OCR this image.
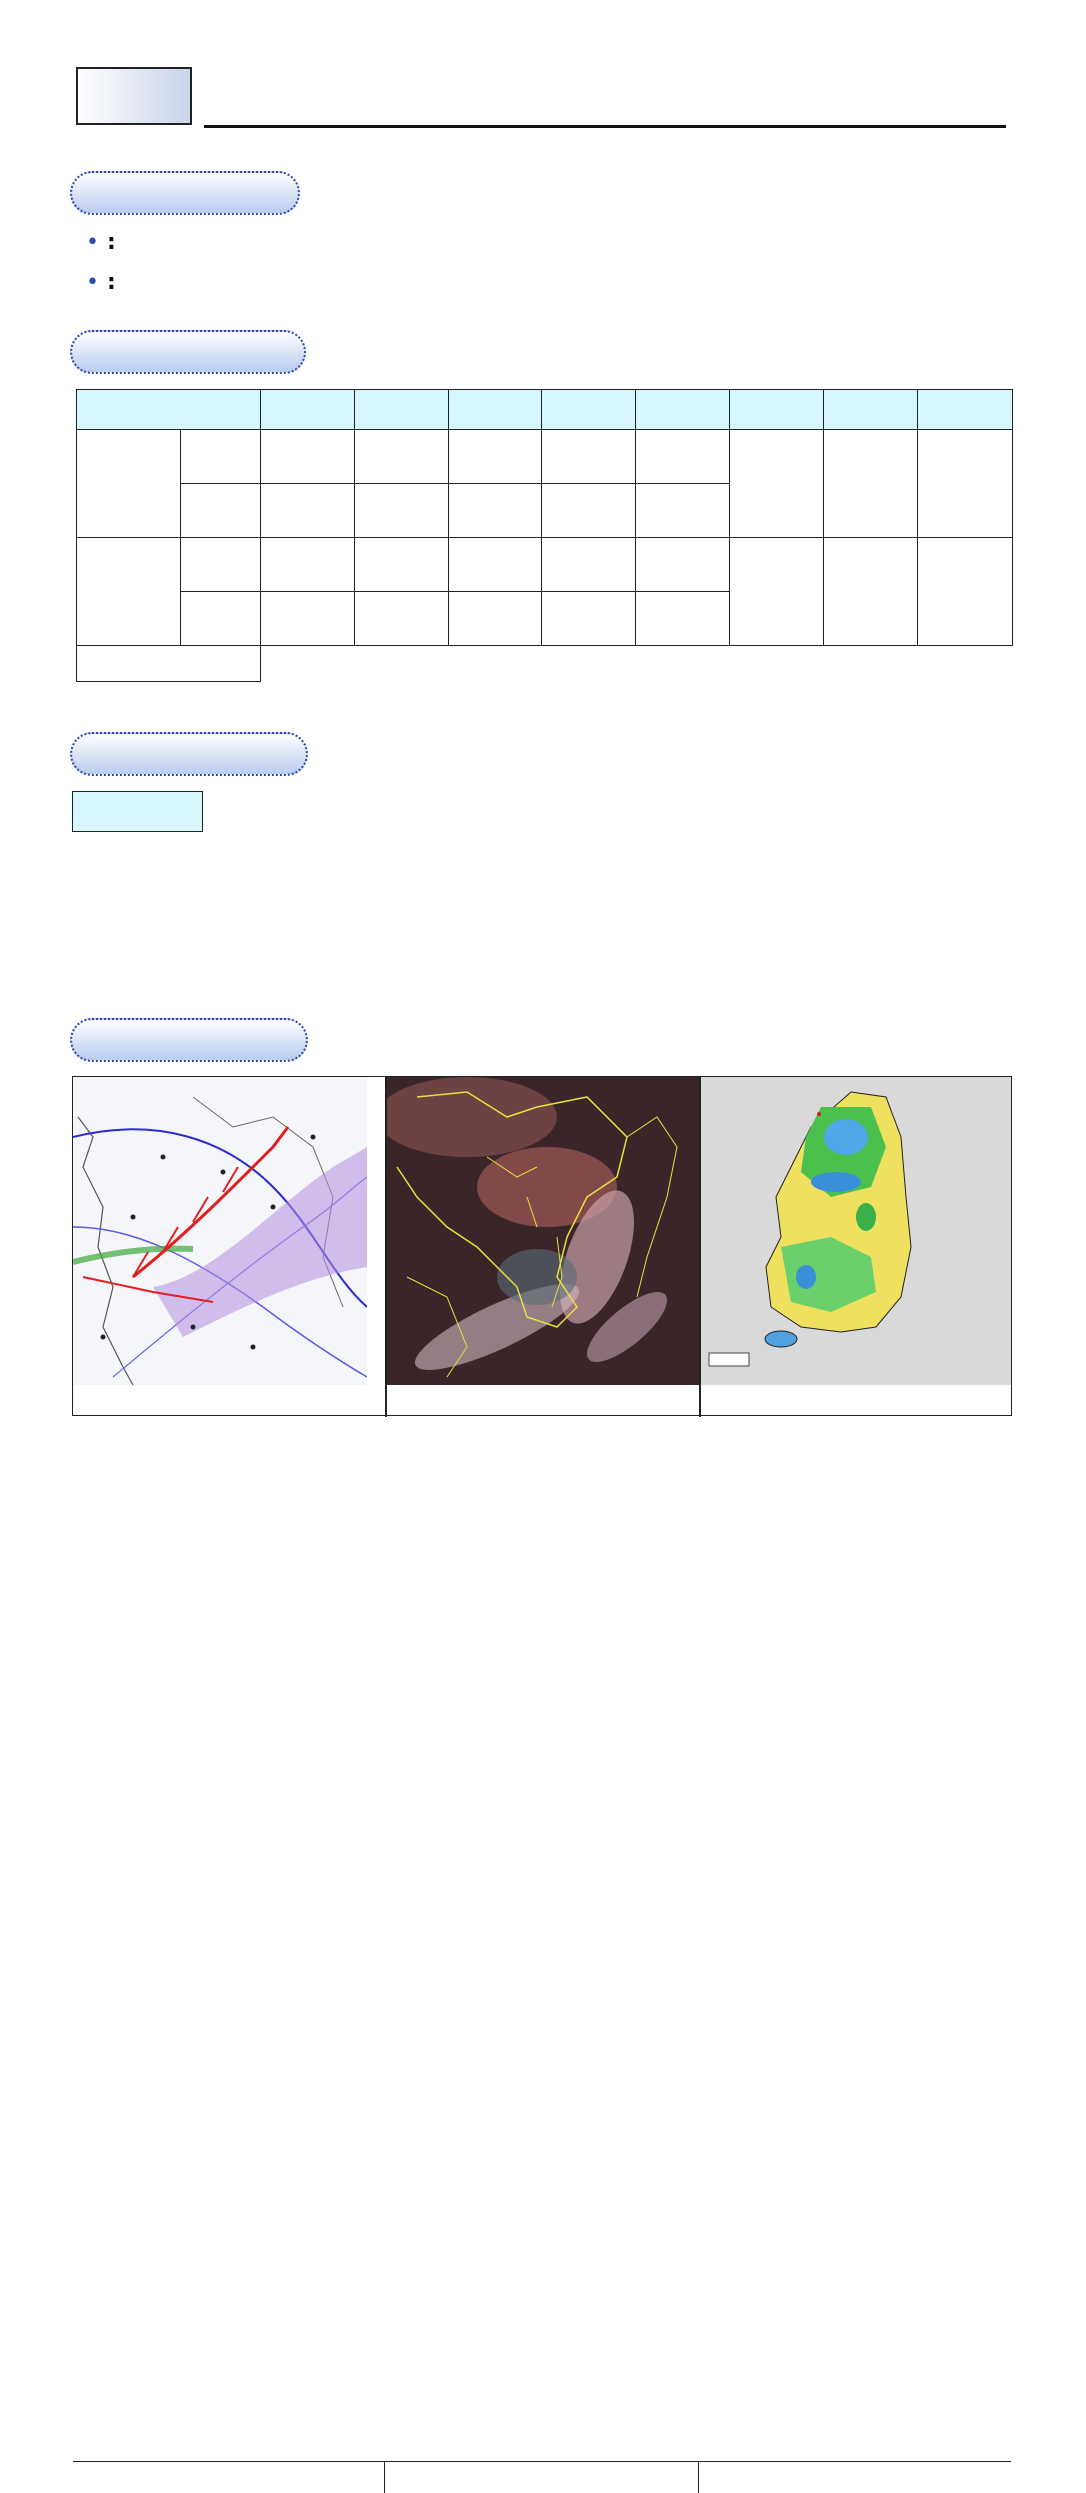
• :
• :
